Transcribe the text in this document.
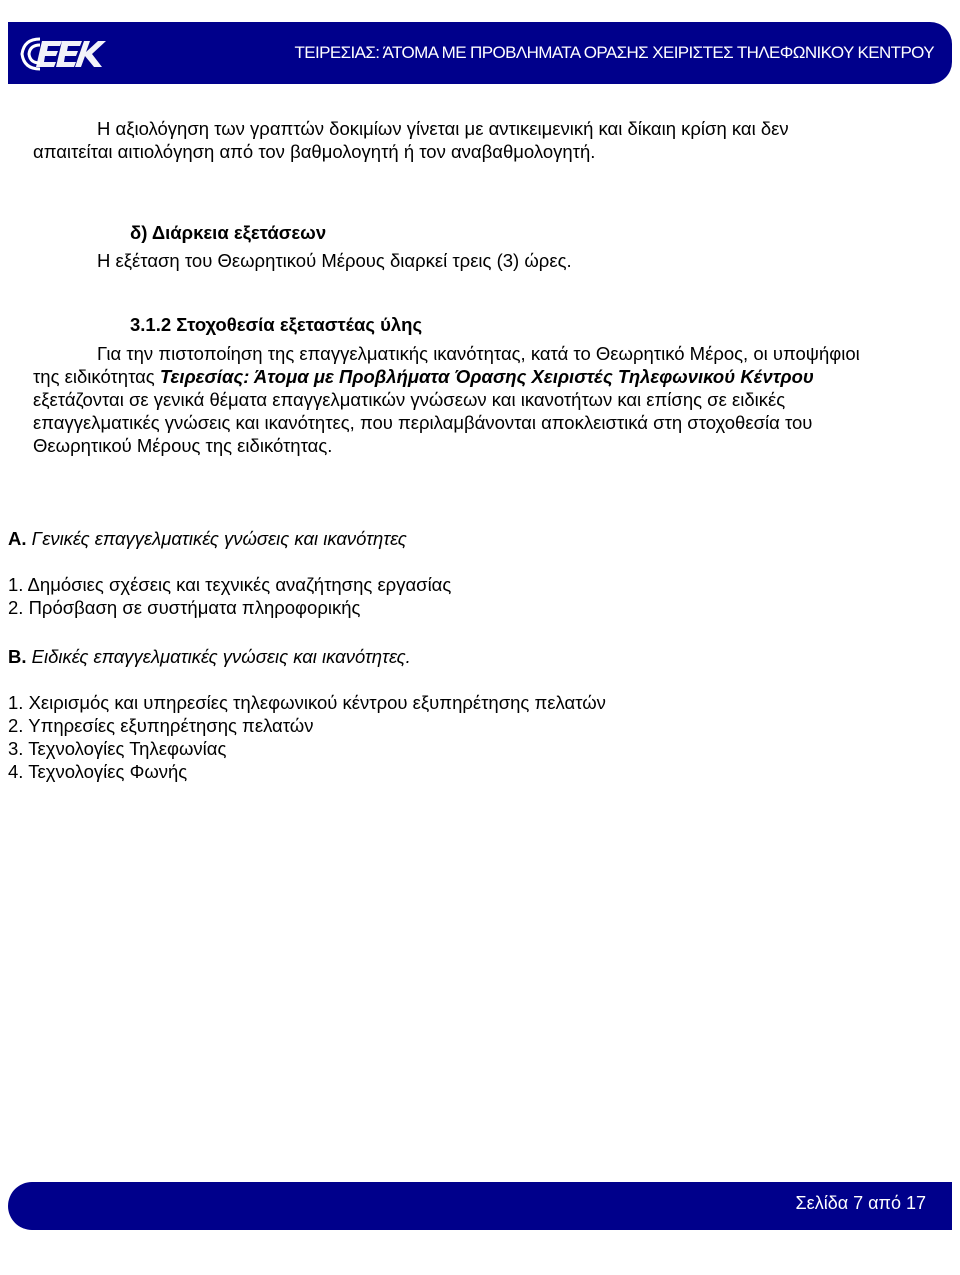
ΤΕΙΡΕΣΙΑΣ: ΆΤΟΜΑ ΜΕ ΠΡΟΒΛΗΜΑΤΑ ΟΡΑΣΗΣ ΧΕΙΡΙΣΤΕΣ ΤΗΛΕΦΩΝΙΚΟΥ ΚΕΝΤΡΟΥ
Η αξιολόγηση των γραπτών δοκιμίων γίνεται με αντικειμενική και δίκαιη κρίση και δεν
απαιτείται αιτιολόγηση από τον βαθμολογητή ή τον αναβαθμολογητή.
δ) Διάρκεια εξετάσεων
Η εξέταση του Θεωρητικού Μέρους διαρκεί τρεις (3) ώρες.
3.1.2 Στοχοθεσία εξεταστέας ύλης
Για την πιστοποίηση της επαγγελματικής ικανότητας, κατά το Θεωρητικό Μέρος, οι υποψήφιοι
της ειδικότητας Τειρεσίας: Άτομα με Προβλήματα Όρασης Χειριστές Τηλεφωνικού Κέντρου
εξετάζονται σε γενικά θέματα επαγγελματικών γνώσεων και ικανοτήτων και επίσης σε ειδικές
επαγγελματικές γνώσεις και ικανότητες, που περιλαμβάνονται αποκλειστικά στη στοχοθεσία του
Θεωρητικού Μέρους της ειδικότητας.
Α. Γενικές επαγγελματικές γνώσεις και ικανότητες
1. Δημόσιες σχέσεις και τεχνικές αναζήτησης εργασίας
2. Πρόσβαση σε συστήματα πληροφορικής
Β. Ειδικές επαγγελματικές γνώσεις και ικανότητες.
1. Χειρισμός και υπηρεσίες τηλεφωνικού κέντρου εξυπηρέτησης πελατών
2. Υπηρεσίες εξυπηρέτησης πελατών
3. Τεχνολογίες Τηλεφωνίας
4. Τεχνολογίες Φωνής
Σελίδα 7 από 17
